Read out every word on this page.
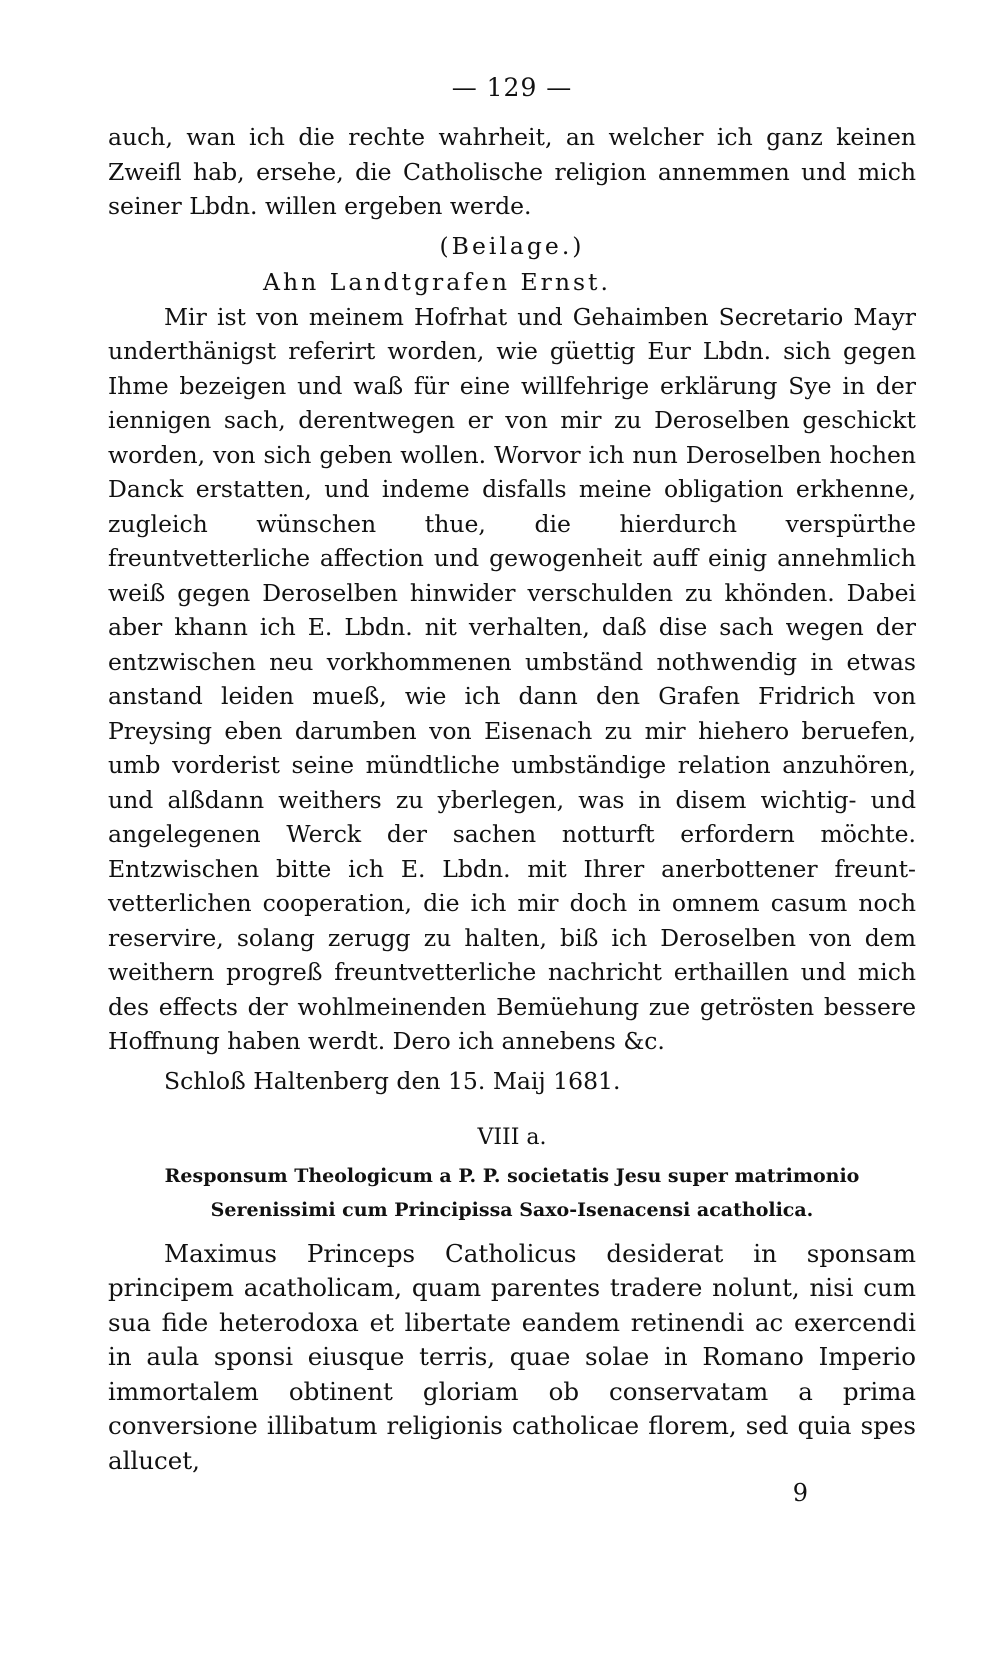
— 129 —

auch, wan ich die rechte wahrheit, an welcher ich ganz keinen Zweifl hab, ersehe, die Catholische religion annemmen und mich seiner Lbdn. willen ergeben werde.

(Beilage.)

Ahn Landtgrafen Ernst.

Mir ist von meinem Hofrhat und Gehaimben Secretario Mayr underthänigst referirt worden, wie güettig Eur Lbdn. sich gegen Ihme bezeigen und waß für eine willfehrige erklärung Sye in der iennigen sach, derentwegen er von mir zu Deroselben geschickt worden, von sich geben wollen. Worvor ich nun Deroselben hochen Danck erstatten, und indeme disfalls meine obligation erkhenne, zugleich wünschen thue, die hierdurch verspürthe freuntvetterliche affection und gewogenheit auff einig annehmlich weiß gegen Deroselben hinwider verschulden zu khönden. Dabei aber khann ich E. Lbdn. nit verhalten, daß dise sach wegen der entzwischen neu vorkhommenen umbständ nothwendig in etwas anstand leiden mueß, wie ich dann den Grafen Fridrich von Preysing eben darumben von Eisenach zu mir hiehero beruefen, umb vorderist seine mündtliche umbständige relation anzuhören, und alßdann weithers zu yberlegen, was in disem wichtig- und angelegenen Werck der sachen notturft erfordern möchte. Entzwischen bitte ich E. Lbdn. mit Ihrer anerbottener freunt-vetterlichen cooperation, die ich mir doch in omnem casum noch reservire, solang zerugg zu halten, biß ich Deroselben von dem weithern progreß freuntvetterliche nachricht erthaillen und mich des effects der wohlmeinenden Bemüehung zue getrösten bessere Hoffnung haben werdt. Dero ich annebens &c.

Schloß Haltenberg den 15. Maij 1681.

VIII a.

Responsum Theologicum a P. P. societatis Jesu super matrimonio
Serenissimi cum Principissa Saxo-Isenacensi acatholica.

Maximus Princeps Catholicus desiderat in sponsam principem acatholicam, quam parentes tradere nolunt, nisi cum sua fide heterodoxa et libertate eandem retinendi ac exercendi in aula sponsi eiusque terris, quae solae in Romano Imperio immortalem obtinent gloriam ob conservatam a prima conversione illibatum religionis catholicae florem, sed quia spes allucet,

9
